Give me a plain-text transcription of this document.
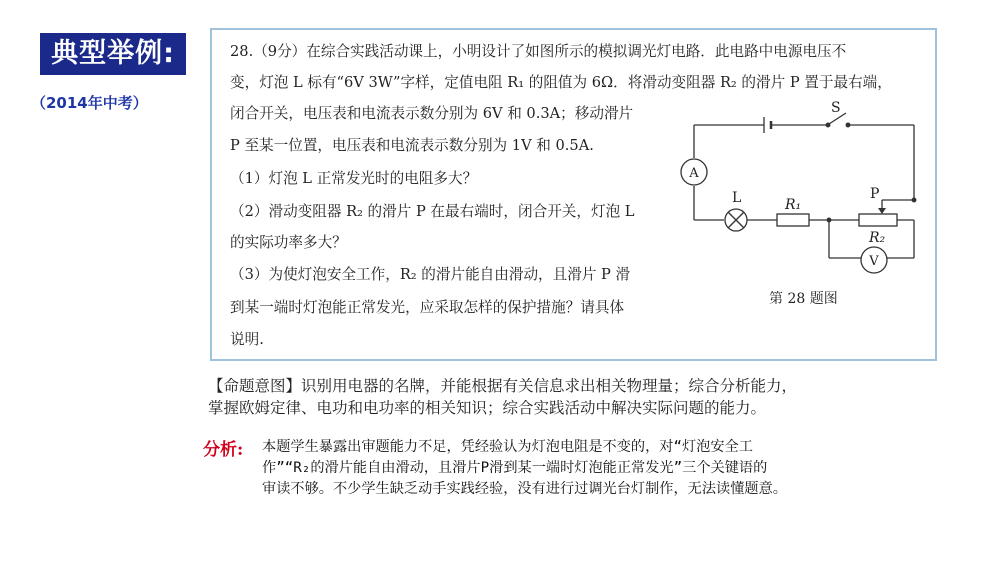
典型举例:
（2014年中考）
28.（9分）在综合实践活动课上，小明设计了如图所示的模拟调光灯电路．此电路中电源电压不
变，灯泡 L 标有“6V 3W”字样，定值电阻 R₁ 的阻值为 6Ω．将滑动变阻器 R₂ 的滑片 P 置于最右端，
闭合开关，电压表和电流表示数分别为 6V 和 0.3A；移动滑片
P 至某一位置，电压表和电流表示数分别为 1V 和 0.5A.
（1）灯泡 L 正常发光时的电阻多大？
（2）滑动变阻器 R₂ 的滑片 P 在最右端时，闭合开关，灯泡 L
的实际功率多大？
（3）为使灯泡安全工作，R₂ 的滑片能自由滑动，且滑片 P 滑
到某一端时灯泡能正常发光，应采取怎样的保护措施？请具体
说明.
S
A
L	R₁
P
R₂
V
第 28 题图
【命题意图】识别用电器的名牌，并能根据有关信息求出相关物理量；综合分析能力，
掌握欧姆定律、电功和电功率的相关知识；综合实践活动中解决实际问题的能力。
分析: 本题学生暴露出审题能力不足，凭经验认为灯泡电阻是不变的，对“灯泡安全工
作”“R₂的滑片能自由滑动，且滑片P滑到某一端时灯泡能正常发光”三个关键语的
审读不够。不少学生缺乏动手实践经验，没有进行过调光台灯制作，无法读懂题意。
